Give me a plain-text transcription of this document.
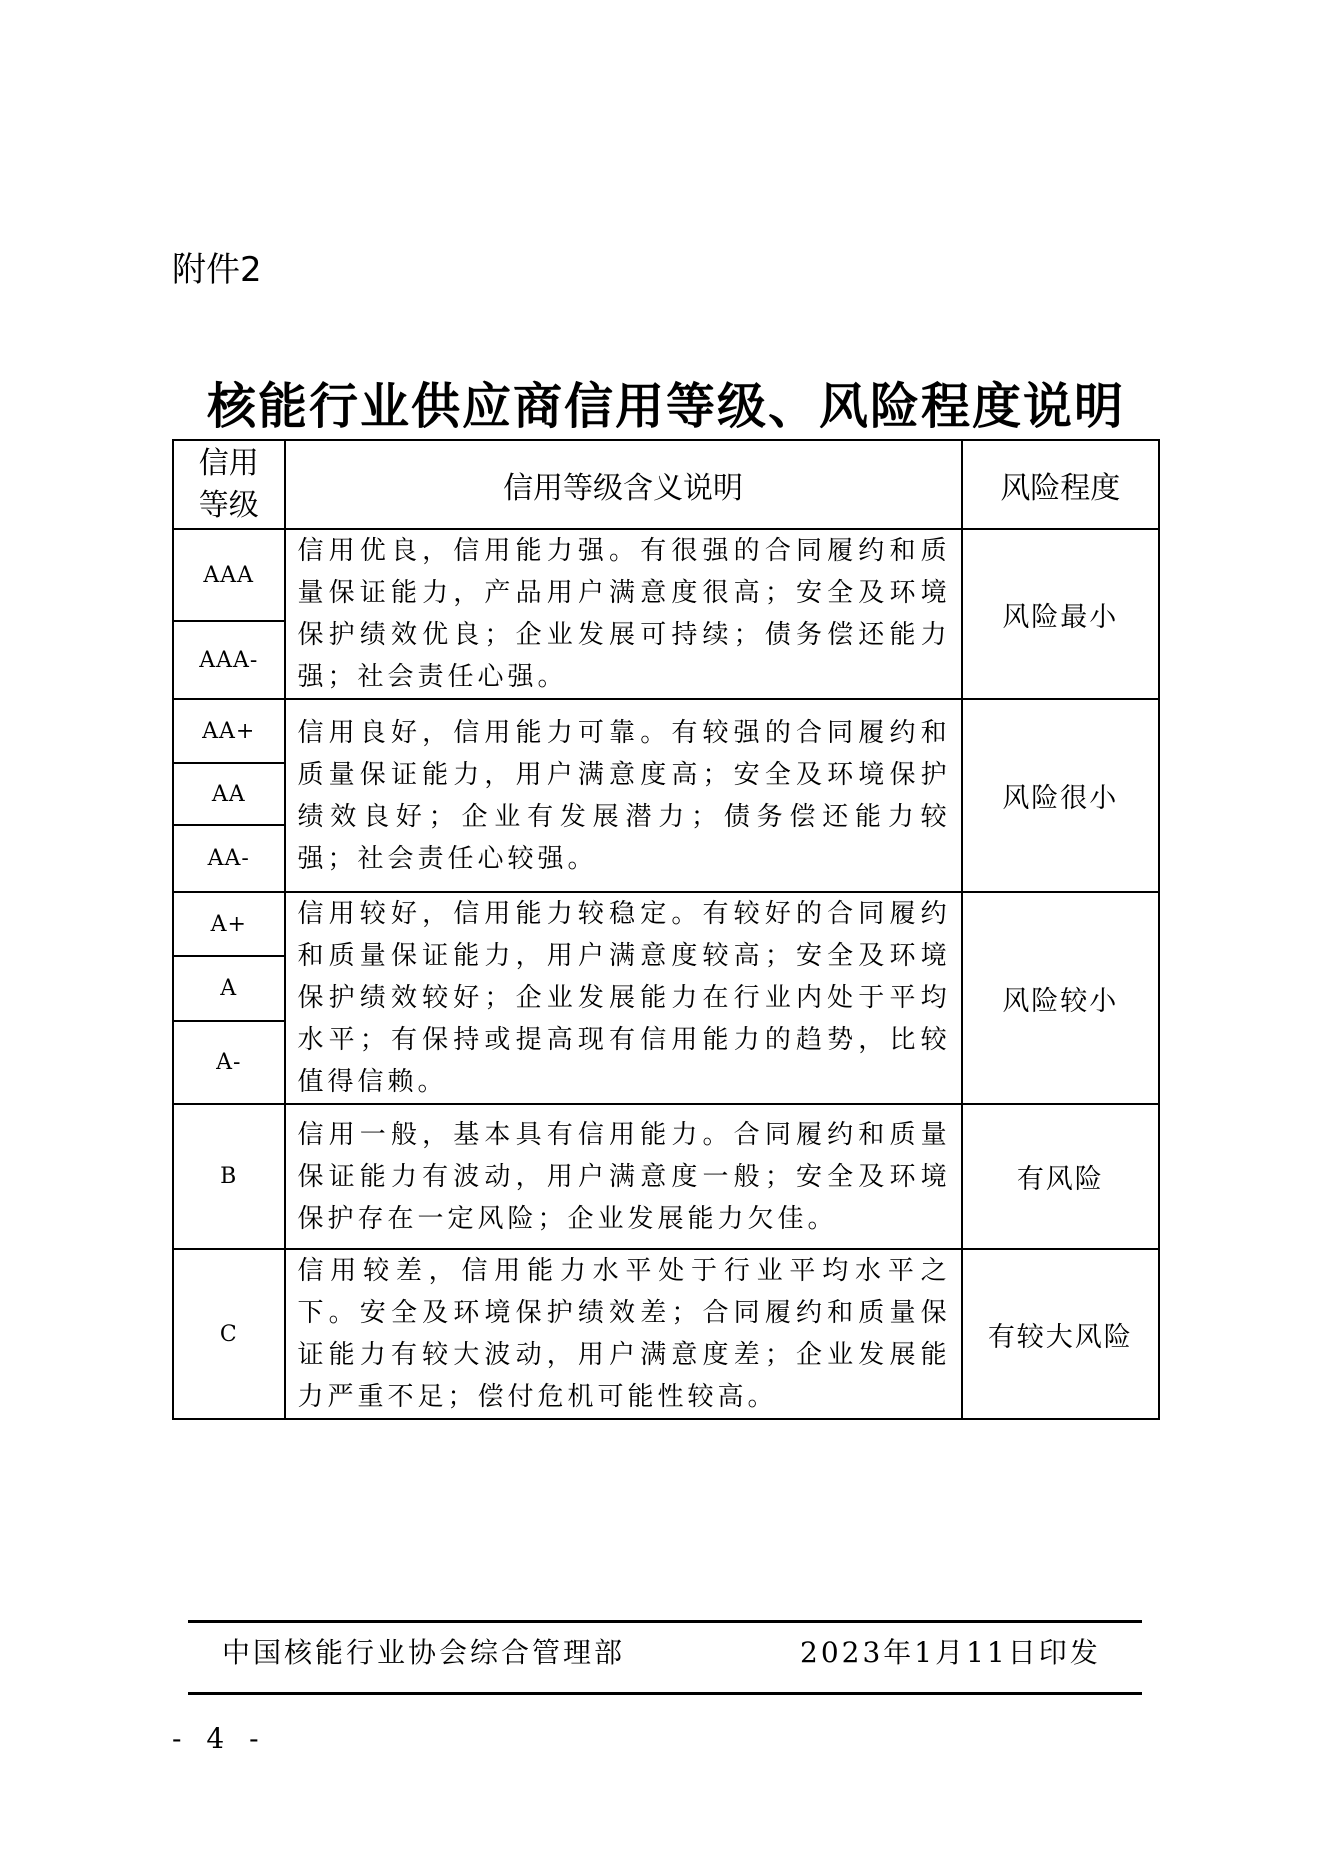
附件2
核能行业供应商信用等级、风险程度说明
信用
等级	信用等级含义说明	风险程度
AAA	信用优良，信用能力强。有很强的合同履约和质量保证能力，产品用户满意度很高；安全及环境保护绩效优良；企业发展可持续；债务偿还能力强；社会责任心强。	风险最小
AAA-		
AA+	信用良好，信用能力可靠。有较强的合同履约和质量保证能力，用户满意度高；安全及环境保护绩效良好；企业有发展潜力；债务偿还能力较强；社会责任心较强。	风险很小
AA		
AA-		
A+	信用较好，信用能力较稳定。有较好的合同履约和质量保证能力，用户满意度较高；安全及环境保护绩效较好；企业发展能力在行业内处于平均水平；有保持或提高现有信用能力的趋势，比较值得信赖。	风险较小
A		
A-		
B	信用一般，基本具有信用能力。合同履约和质量保证能力有波动，用户满意度一般；安全及环境保护存在一定风险；企业发展能力欠佳。	有风险
C	信用较差，信用能力水平处于行业平均水平之下。安全及环境保护绩效差；合同履约和质量保证能力有较大波动，用户满意度差；企业发展能力严重不足；偿付危机可能性较高。	有较大风险
中国核能行业协会综合管理部	2023年1月11日印发
- 4 -
